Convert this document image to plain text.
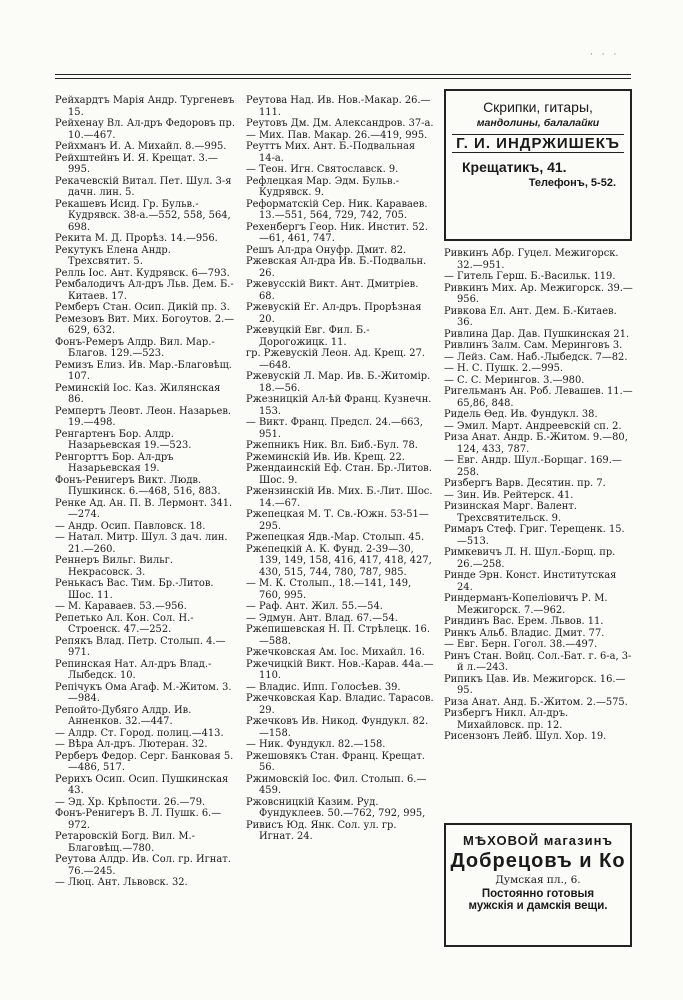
· · ·
Рейхардтъ Марія Андр. Тургеневъ 15.
Рейхенау Вл. Ал-дръ Федоровъ пр. 10.—467.
Рейхманъ И. А. Михайл. 8.—995.
Рейхштейнъ И. Я. Крещат. 3.—995.
Рекачевскій Витал. Пет. Шул. 3-я дачн. лин. 5.
Рекашевъ Исид. Гр. Бульв.-Кудрявск. 38-а.—552, 558, 564, 698.
Рекита М. Д. Прорѣз. 14.—956.
Рекутукъ Елена Андр. Трехсвятит. 5.
Релль Іос. Ант. Кудрявск. 6—793.
Рембалодичъ Ал-дръ Льв. Дем. Б.-Китаев. 17.
Ремберъ Стан. Осип. Дикій пр. 3.
Ремезовъ Вит. Мих. Богоутов. 2.—629, 632.
Фонъ-Ремеръ Алдр. Вил. Мар.-Благов. 129.—523.
Ремизъ Елиз. Ив. Мар.-Благовѣщ. 107.
Реминскій Іос. Каз. Жилянская 86.
Ремпертъ Леовт. Леон. Назарьев. 19.—498.
Ренгартенъ Бор. Алдр. Назарьевская 19.—523.
Ренгорттъ Бор. Ал-дръ Назарьевская 19.
Фонъ-Ренигеръ Викт. Людв. Пушкинск. 6.—468, 516, 883.
Ренке Ад. Ан. П. В. Лермонт. 341.—274.
— Андр. Осип. Павловск. 18.
— Натал. Митр. Шул. 3 дач. лин. 21.—260.
Реннеръ Вильг. Вильг. Некрасовск. 3.
Ренькасъ Вас. Тим. Бр.-Литов. Шос. 11.
— М. Караваев. 53.—956.
Репетько Ал. Кон. Сол. Н.-Строенск. 47.—252.
Репякъ Влад. Петр. Столып. 4.—971.
Репинская Нат. Ал-дръ Влад.-Лыбедск. 10.
Репічукъ Ома Агаф. М.-Житом. 3.—984.
Репойто-Дубяго Алдр. Ив. Анненков. 32.—447.
— Алдр. Ст. Город. полиц.—413.
— Вѣра Ал-дръ. Лютеран. 32.
Рерберъ Федор. Серг. Банковая 5.—486, 517.
Рерихъ Осип. Осип. Пушкинская 43.
— Эд. Хр. Крѣпости. 26.—79.
Фонъ-Ренигеръ В. Л. Пушк. 6.—972.
Ретаровскій Богд. Вил. М.-Благовѣщ.—780.
Реутова Алдр. Ив. Сол. гр. Игнат. 76.—245.
— Люц. Ант. Львовск. 32.
Реутова Над. Ив. Нов.-Макар. 26.—111.
Реутовъ Дм. Дм. Александров. 37-а.
— Мих. Пав. Макар. 26.—419, 995.
Реуттъ Мих. Ант. Б.-Подвальная 14-а.
— Теон. Игн. Святославск. 9.
Рефлецкая Мар. Эдм. Бульв.-Кудрявск. 9.
Реформатскій Сер. Ник. Караваев. 13.—551, 564, 729, 742, 705.
Рехенбергъ Геор. Ник. Инстит. 52.—61, 461, 747.
Решъ Ал-дра Онуфр. Дмит. 82.
Ржевская Ал-дра Ив. Б.-Подвальн. 26.
Ржевусскій Викт. Ант. Дмитріев. 68.
Ржевускій Ег. Ал-дръ. Прорѣзная 20.
Ржевуцкій Евг. Фил. Б.-Дорогожицк. 11.
гр. Ржевускій Леон. Ад. Крещ. 27.—648.
Ржевускій Л. Мар. Ив. Б.-Житомір. 18.—56.
Ржезницкій Ал-ѣй Франц. Кузнечн. 153.
— Викт. Франц. Предсл. 24.—663, 951.
Ржепникъ Ник. Вл. Биб.-Бул. 78.
Ржеминскій Ив. Ив. Крещ. 22.
Ржендаинскій Еф. Стан. Бр.-Литов. Шос. 9.
Ржензинскій Ив. Мих. Б.-Лит. Шос. 14.—67.
Ржепецкая М. Т. Св.-Южн. 53-51—295.
Ржепецкая Ядв.-Мар. Столып. 45.
Ржепецкій А. К. Фунд. 2-39—30, 139, 149, 158, 416, 417, 418, 427, 430, 515, 744, 780, 787, 985.
— М. К. Столып., 18.—141, 149, 760, 995.
— Раф. Ант. Жил. 55.—54.
— Эдмун. Ант. Влад. 67.—54.
Ржепишевская Н. П. Стрѣлецк. 16.—588.
Ржечковская Ам. Іос. Михайл. 16.
Ржечицкій Викт. Нов.-Карав. 44а.—110.
— Владис. Ипп. Голосѣев. 39.
Ржечковская Кар. Владис. Тарасов. 29.
Ржечковъ Ив. Никод. Фундукл. 82.—158.
— Ник. Фундукл. 82.—158.
Ржешовякъ Стан. Франц. Крещат. 56.
Ржимовскій Іос. Фил. Столып. 6.—459.
Ржовсницкій Казим. Руд. Фундуклеев. 50.—762, 792, 995,
Ривисъ Юд. Янк. Сол. ул. гр. Игнат. 24.
Ривкинъ Абр. Гуцел. Межигорск. 32.—951.
— Гитель Герш. Б.-Васильк. 119.
Ривкинъ Мих. Ар. Межигорск. 39.—956.
Ривкова Ел. Ант. Дем. Б.-Китаев. 36.
Ривлина Дар. Дав. Пушкинская 21.
Ривлинъ Залм. Сам. Меринговъ 3.
— Лейз. Сам. Наб.-Лыбедск. 7—82.
— Н. С. Пушк. 2.—995.
— С. С. Мерингов. 3.—980.
Ригельманъ Ан. Роб. Левашев. 11.—65,86, 848.
Ридель Өед. Ив. Фундукл. 38.
— Эмил. Март. Андреевскій сп. 2.
Риза Анат. Андр. Б.-Житом. 9.—80, 124, 433, 787.
— Евг. Андр. Шул.-Борщаг. 169.—258.
Ризбергъ Варв. Десятин. пр. 7.
— Зин. Ив. Рейтерск. 41.
Ризинская Марг. Валент. Трехсвятительск. 9.
Римаръ Стеф. Григ. Терещенк. 15.—513.
Римкевичъ Л. Н. Шул.-Борщ. пр. 26.—258.
Ринде Эрн. Конст. Институтская 24.
Риндерманъ-Копелiовичъ Р. М. Межигорск. 7.—962.
Риндинъ Вас. Ерем. Львов. 11.
Ринкъ Альб. Владис. Дмит. 77.
— Евг. Берн. Гогол. 38.—497.
Ринъ Стан. Войц. Сол.-Бат. г. 6-а, 3-й л.—243.
Рипикъ Цав. Ив. Межигорск. 16.—95.
Риза Анат. Анд. Б.-Житом. 2.—575.
Ризбергъ Никл. Ал-дръ. Михайловск. пр. 12.
Рисензонъ Лейб. Шул. Хор. 19.
Скрипки, гитары,
мандолины, балалайки
Г. И. ИНДРЖИШЕКЪ
Крещатикъ, 41.
Телефонъ, 5-52.
МѢХОВОЙ магазинъ
Добрецовъ и Ко
Думская пл., 6.
Постоянно готовыя
мужскія и дамскія вещи.
